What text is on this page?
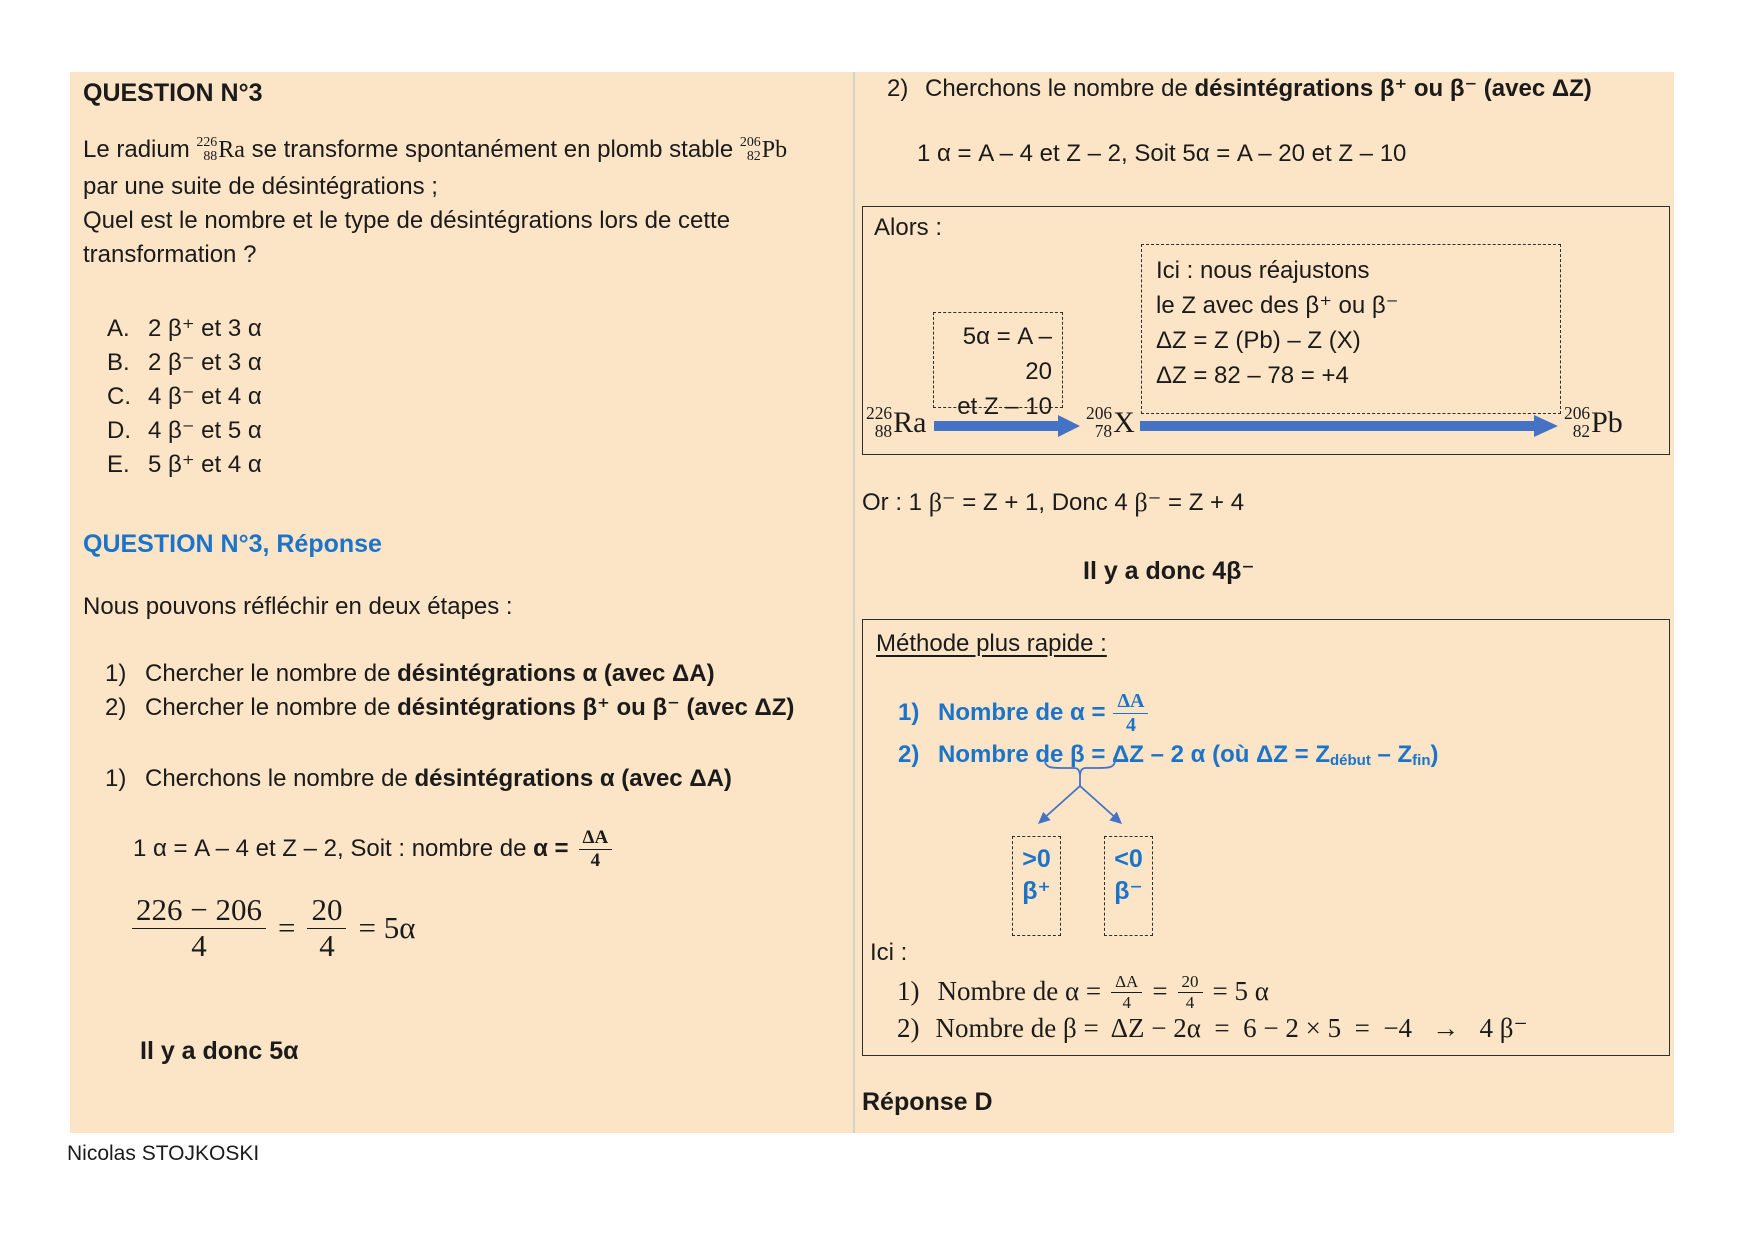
QUESTION N°3
Le radium 226
88 Ra se transforme spontanément en plomb stable 206
82 Pb
par une suite de désintégrations ;
Quel est le nombre et le type de désintégrations lors de cette
transformation ?
A. 2 β⁺ et 3 α
B. 2 β⁻ et 3 α
C. 4 β⁻ et 4 α
D. 4 β⁻ et 5 α
E. 5 β⁺ et 4 α
QUESTION N°3, Réponse
Nous pouvons réfléchir en deux étapes :
1) Chercher le nombre de désintégrations α (avec ΔA)
2) Chercher le nombre de désintégrations β⁺ ou β⁻ (avec ΔZ)
1) Cherchons le nombre de désintégrations α (avec ΔA)
1 α = A – 4 et Z – 2, Soit : nombre de $\alpha = \frac{\Delta A}{4}$
$\frac{226 - 206}{4} = \frac{20}{4} = 5\alpha$
Il y a donc 5α
2) Cherchons le nombre de désintégrations β⁺ ou β⁻ (avec ΔZ)
1 α = A – 4 et Z – 2, Soit 5α = A – 20 et Z – 10
Alors :
5α = A – 20
et Z – 10
Ici : nous réajustons
le Z avec des β⁺ ou β⁻
ΔZ = Z (Pb) – Z (X)
ΔZ = 82 – 78 = +4
226
88 Ra	206
78 X	206
82 Pb
Or : 1 β⁻ = Z + 1, Donc 4 β⁻ = Z + 4
Il y a donc 4β⁻
Méthode plus rapide :
1) Nombre de $\alpha = \frac{\Delta A}{4}$
2) Nombre de β = ΔZ – 2 α (où ΔZ = Z début – Z fin )
>0
β⁺
<0
β⁻
Ici :
1) Nombre de $\alpha = \frac{\Delta A}{4} = \frac{20}{4} = 5$ α
2) Nombre de β =  ΔZ − 2α  =  6 − 2 × 5  =  −4   →   4 β⁻
Réponse D
Nicolas STOJKOSKI
